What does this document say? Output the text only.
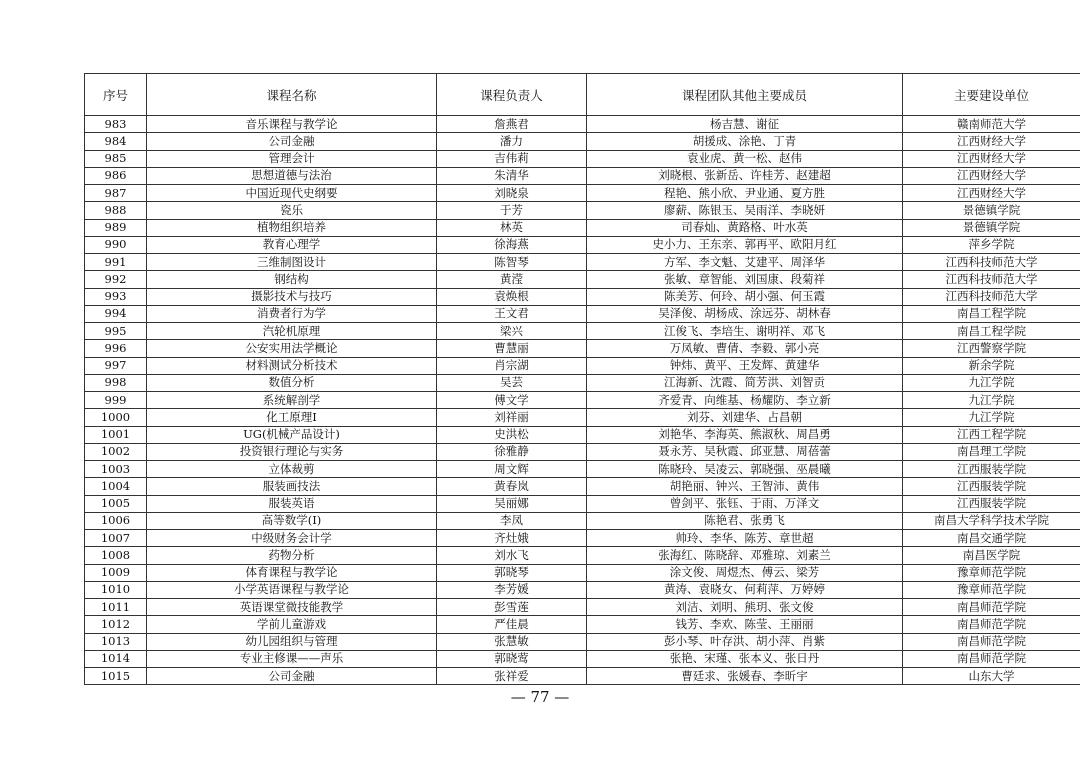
序号	课程名称	课程负责人	课程团队其他主要成员	主要建设单位
983	音乐课程与教学论	詹燕君	杨吉慧、谢征	赣南师范大学
984	公司金融	潘力	胡援成、涂艳、丁青	江西财经大学
985	管理会计	吉伟莉	袁业虎、黄一松、赵伟	江西财经大学
986	思想道德与法治	朱清华	刘晓根、张新岳、许桂芳、赵建超	江西财经大学
987	中国近现代史纲要	刘晓泉	程艳、熊小欣、尹业通、夏方胜	江西财经大学
988	瓷乐	于芳	廖薪、陈银玉、吴雨洋、李晓妍	景德镇学院
989	植物组织培养	林英	司春灿、黄路格、叶水英	景德镇学院
990	教育心理学	徐海燕	史小力、王东亲、郭再平、欧阳月红	萍乡学院
991	三维制图设计	陈智琴	方军、李文魁、艾建平、周泽华	江西科技师范大学
992	钢结构	黄滢	张敏、章智能、刘国康、段菊祥	江西科技师范大学
993	摄影技术与技巧	袁焕根	陈美芳、何玲、胡小强、何玉霞	江西科技师范大学
994	消费者行为学	王文君	吴泽俊、胡杨成、涂远芬、胡林春	南昌工程学院
995	汽轮机原理	梁兴	江俊飞、李培生、谢明祥、邓飞	南昌工程学院
996	公安实用法学概论	曹慧丽	万凤敏、曹倩、李毅、郭小亮	江西警察学院
997	材料测试分析技术	肖宗湖	钟炜、黄平、王发辉、黄建华	新余学院
998	数值分析	吴芸	江海新、沈霞、简芳洪、刘智贡	九江学院
999	系统解剖学	傅文学	齐爱青、向维基、杨耀防、李立新	九江学院
1000	化工原理I	刘祥丽	刘芬、刘建华、占昌朝	九江学院
1001	UG(机械产品设计)	史洪松	刘艳华、李海英、熊淑秋、周昌勇	江西工程学院
1002	投资银行理论与实务	徐雅静	聂永芳、吴秋霞、邱亚慧、周蓓蕾	南昌理工学院
1003	立体裁剪	周文辉	陈晓玲、吴凌云、郭晓强、巫晨曦	江西服装学院
1004	服装画技法	黄春岚	胡艳丽、钟兴、王智沛、黄伟	江西服装学院
1005	服装英语	吴丽娜	曾剑平、张钰、于雨、万泽文	江西服装学院
1006	高等数学(Ⅰ)	李凤	陈艳君、张勇飞	南昌大学科学技术学院
1007	中级财务会计学	齐灶娥	帅玲、李华、陈芳、章世超	南昌交通学院
1008	药物分析	刘水飞	张海红、陈晓辞、邓雅琼、刘素兰	南昌医学院
1009	体育课程与教学论	郭晓琴	涂文俊、周煜杰、傅云、梁芳	豫章师范学院
1010	小学英语课程与教学论	李芳媛	黄涛、袁晓女、何莉萍、万婷婷	豫章师范学院
1011	英语课堂微技能教学	彭雪莲	刘洁、刘明、熊玥、张文俊	南昌师范学院
1012	学前儿童游戏	严佳晨	钱芳、李欢、陈莹、王丽丽	南昌师范学院
1013	幼儿园组织与管理	张慧敏	彭小琴、叶存洪、胡小萍、肖紫	南昌师范学院
1014	专业主修课——声乐	郭晓莺	张艳、宋瑾、张本义、张日丹	南昌师范学院
1015	公司金融	张祥爱	曹廷求、张媛春、李昕宇	山东大学
— 77 —
